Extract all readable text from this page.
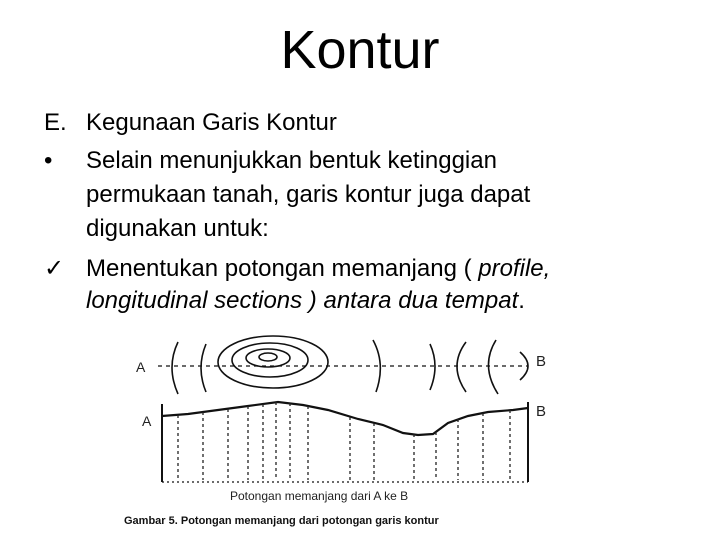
Kontur
E. Kegunaan Garis Kontur
•	Selain menunjukkan bentuk ketinggian
permukaan tanah, garis kontur juga dapat
digunakan untuk:
✓ Menentukan potongan memanjang ( profile,
longitudinal sections ) antara dua tempat.
A	B
A
B
Potongan memanjang dari A ke B
Gambar 5. Potongan memanjang dari potongan garis kontur
